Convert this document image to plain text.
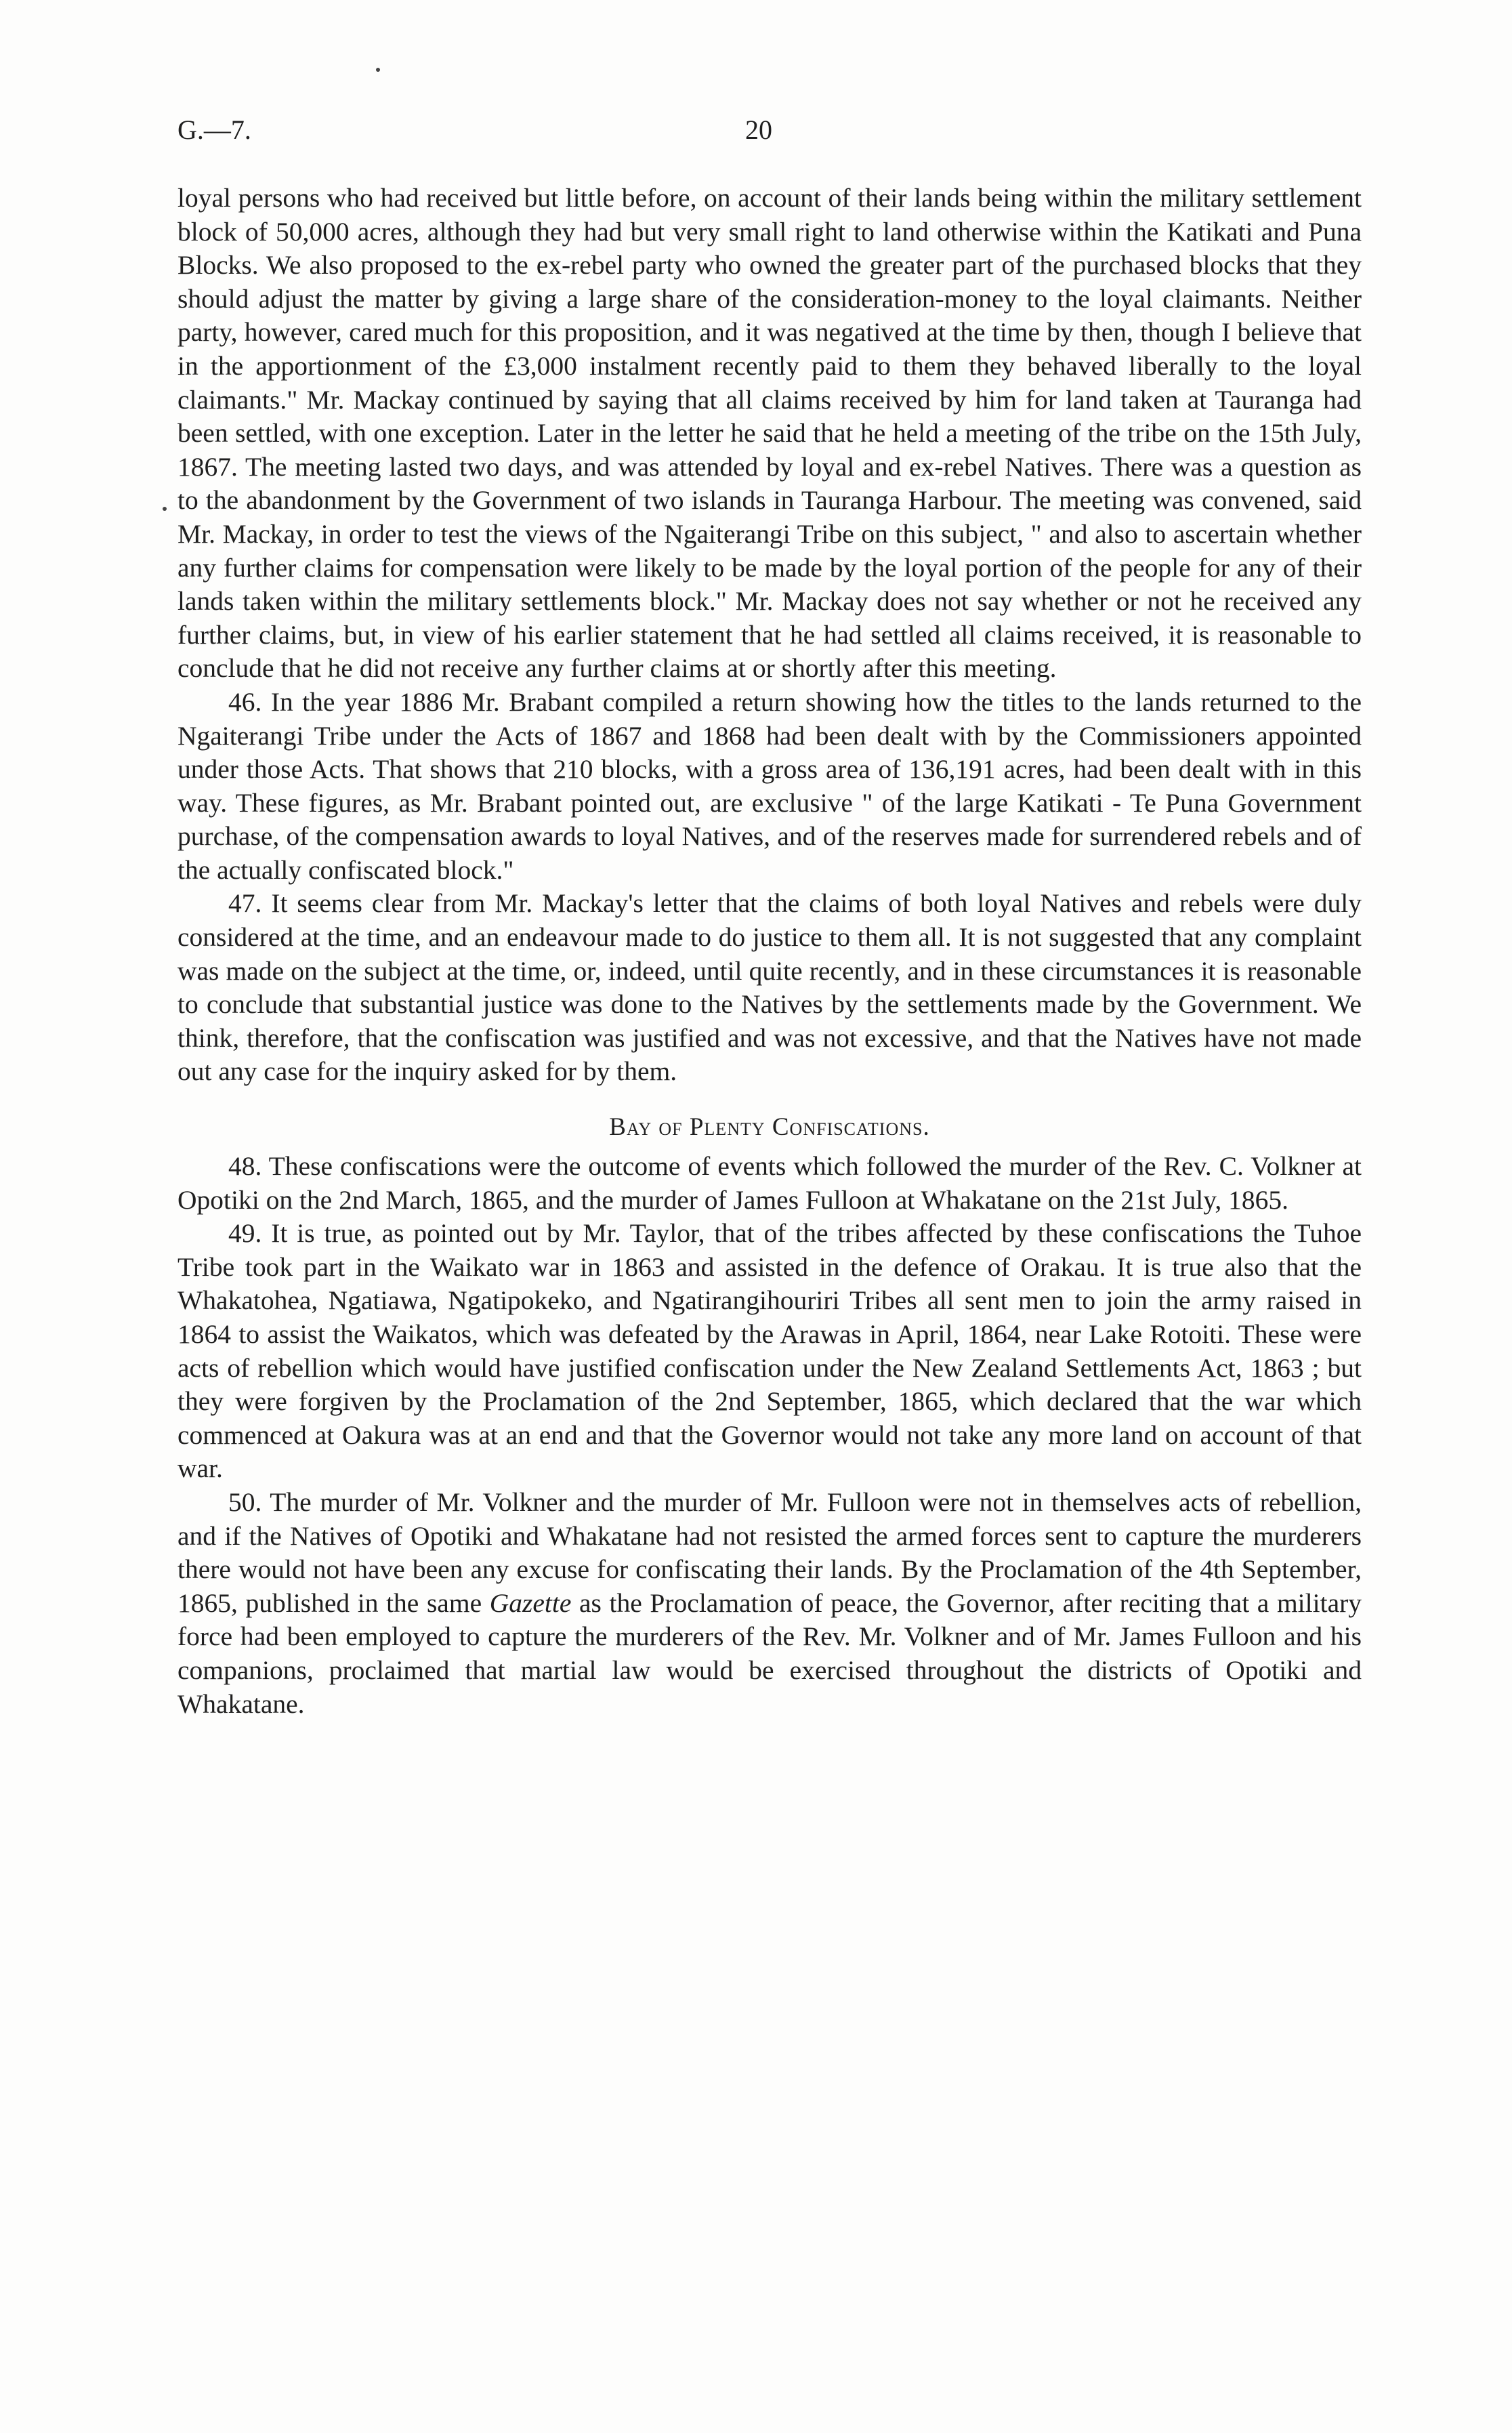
G.—7.	20

loyal persons who had received but little before, on account of their lands being within the military settlement block of 50,000 acres, although they had but very small right to land otherwise within the Katikati and Puna Blocks. We also proposed to the ex-rebel party who owned the greater part of the purchased blocks that they should adjust the matter by giving a large share of the consideration-money to the loyal claimants. Neither party, however, cared much for this proposition, and it was negatived at the time by then, though I believe that in the apportionment of the £3,000 instalment recently paid to them they behaved liberally to the loyal claimants." Mr. Mackay continued by saying that all claims received by him for land taken at Tauranga had been settled, with one exception. Later in the letter he said that he held a meeting of the tribe on the 15th July, 1867. The meeting lasted two days, and was attended by loyal and ex-rebel Natives. There was a question as to the abandonment by the Government of two islands in Tauranga Harbour. The meeting was convened, said Mr. Mackay, in order to test the views of the Ngaiterangi Tribe on this subject, " and also to ascertain whether any further claims for compensation were likely to be made by the loyal portion of the people for any of their lands taken within the military settlements block." Mr. Mackay does not say whether or not he received any further claims, but, in view of his earlier statement that he had settled all claims received, it is reasonable to conclude that he did not receive any further claims at or shortly after this meeting.

46. In the year 1886 Mr. Brabant compiled a return showing how the titles to the lands returned to the Ngaiterangi Tribe under the Acts of 1867 and 1868 had been dealt with by the Commissioners appointed under those Acts. That shows that 210 blocks, with a gross area of 136,191 acres, had been dealt with in this way. These figures, as Mr. Brabant pointed out, are exclusive " of the large Katikati - Te Puna Government purchase, of the compensation awards to loyal Natives, and of the reserves made for surrendered rebels and of the actually confiscated block."

47. It seems clear from Mr. Mackay's letter that the claims of both loyal Natives and rebels were duly considered at the time, and an endeavour made to do justice to them all. It is not suggested that any complaint was made on the subject at the time, or, indeed, until quite recently, and in these circumstances it is reasonable to conclude that substantial justice was done to the Natives by the settlements made by the Government. We think, therefore, that the confiscation was justified and was not excessive, and that the Natives have not made out any case for the inquiry asked for by them.

Bay of Plenty Confiscations.

48. These confiscations were the outcome of events which followed the murder of the Rev. C. Volkner at Opotiki on the 2nd March, 1865, and the murder of James Fulloon at Whakatane on the 21st July, 1865.

49. It is true, as pointed out by Mr. Taylor, that of the tribes affected by these confiscations the Tuhoe Tribe took part in the Waikato war in 1863 and assisted in the defence of Orakau. It is true also that the Whakatohea, Ngatiawa, Ngatipokeko, and Ngatirangihouriri Tribes all sent men to join the army raised in 1864 to assist the Waikatos, which was defeated by the Arawas in April, 1864, near Lake Rotoiti. These were acts of rebellion which would have justified confiscation under the New Zealand Settlements Act, 1863 ; but they were forgiven by the Proclamation of the 2nd September, 1865, which declared that the war which commenced at Oakura was at an end and that the Governor would not take any more land on account of that war.

50. The murder of Mr. Volkner and the murder of Mr. Fulloon were not in themselves acts of rebellion, and if the Natives of Opotiki and Whakatane had not resisted the armed forces sent to capture the murderers there would not have been any excuse for confiscating their lands. By the Proclamation of the 4th September, 1865, published in the same Gazette as the Proclamation of peace, the Governor, after reciting that a military force had been employed to capture the murderers of the Rev. Mr. Volkner and of Mr. James Fulloon and his companions, proclaimed that martial law would be exercised throughout the districts of Opotiki and Whakatane.
